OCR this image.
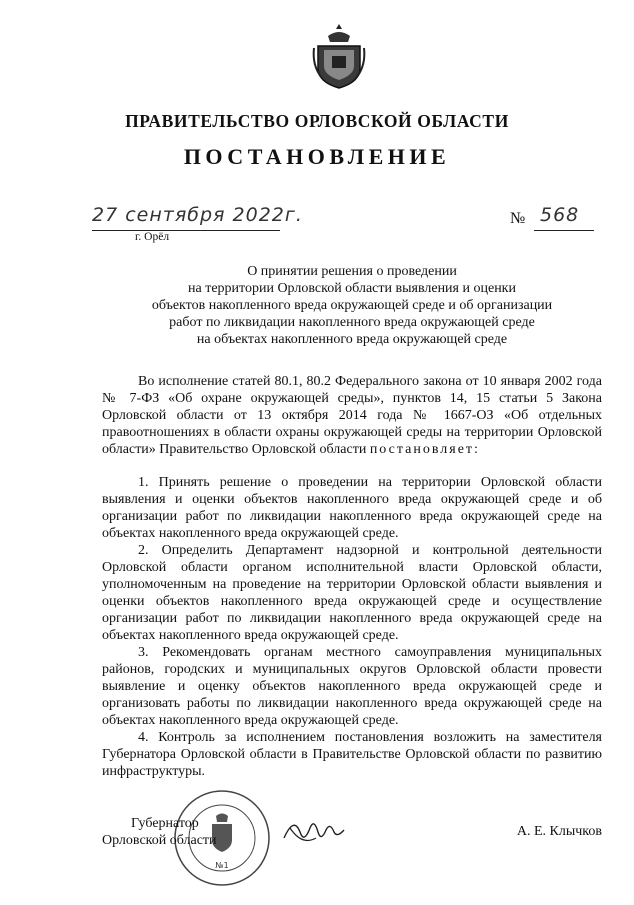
ПРАВИТЕЛЬСТВО ОРЛОВСКОЙ ОБЛАСТИ
ПОСТАНОВЛЕНИЕ
27 сентября 2022г.
г. Орёл
№ 568
О принятии решения о проведении
на территории Орловской области выявления и оценки
объектов накопленного вреда окружающей среде и об организации
работ по ликвидации накопленного вреда окружающей среде
на объектах накопленного вреда окружающей среде

Во исполнение статей 80.1, 80.2 Федерального закона от 10 января 2002 года № 7-ФЗ «Об охране окружающей среды», пунктов 14, 15 статьи 5 Закона Орловской области от 13 октября 2014 года № 1667-ОЗ «Об отдельных правоотношениях в области охраны окружающей среды на территории Орловской области» Правительство Орловской области постановляет:

1. Принять решение о проведении на территории Орловской области выявления и оценки объектов накопленного вреда окружающей среде и об организации работ по ликвидации накопленного вреда окружающей среде на объектах накопленного вреда окружающей среде.

2. Определить Департамент надзорной и контрольной деятельности Орловской области органом исполнительной власти Орловской области, уполномоченным на проведение на территории Орловской области выявления и оценки объектов накопленного вреда окружающей среде и осуществление организации работ по ликвидации накопленного вреда окружающей среде на объектах накопленного вреда окружающей среде.

3. Рекомендовать органам местного самоуправления муниципальных районов, городских и муниципальных округов Орловской области провести выявление и оценку объектов накопленного вреда окружающей среде и организовать работы по ликвидации накопленного вреда окружающей среде на объектах накопленного вреда окружающей среде.

4. Контроль за исполнением постановления возложить на заместителя Губернатора Орловской области в Правительстве Орловской области по развитию инфраструктуры.

№1
Губернатор
Орловской области
А. Е. Клычков
